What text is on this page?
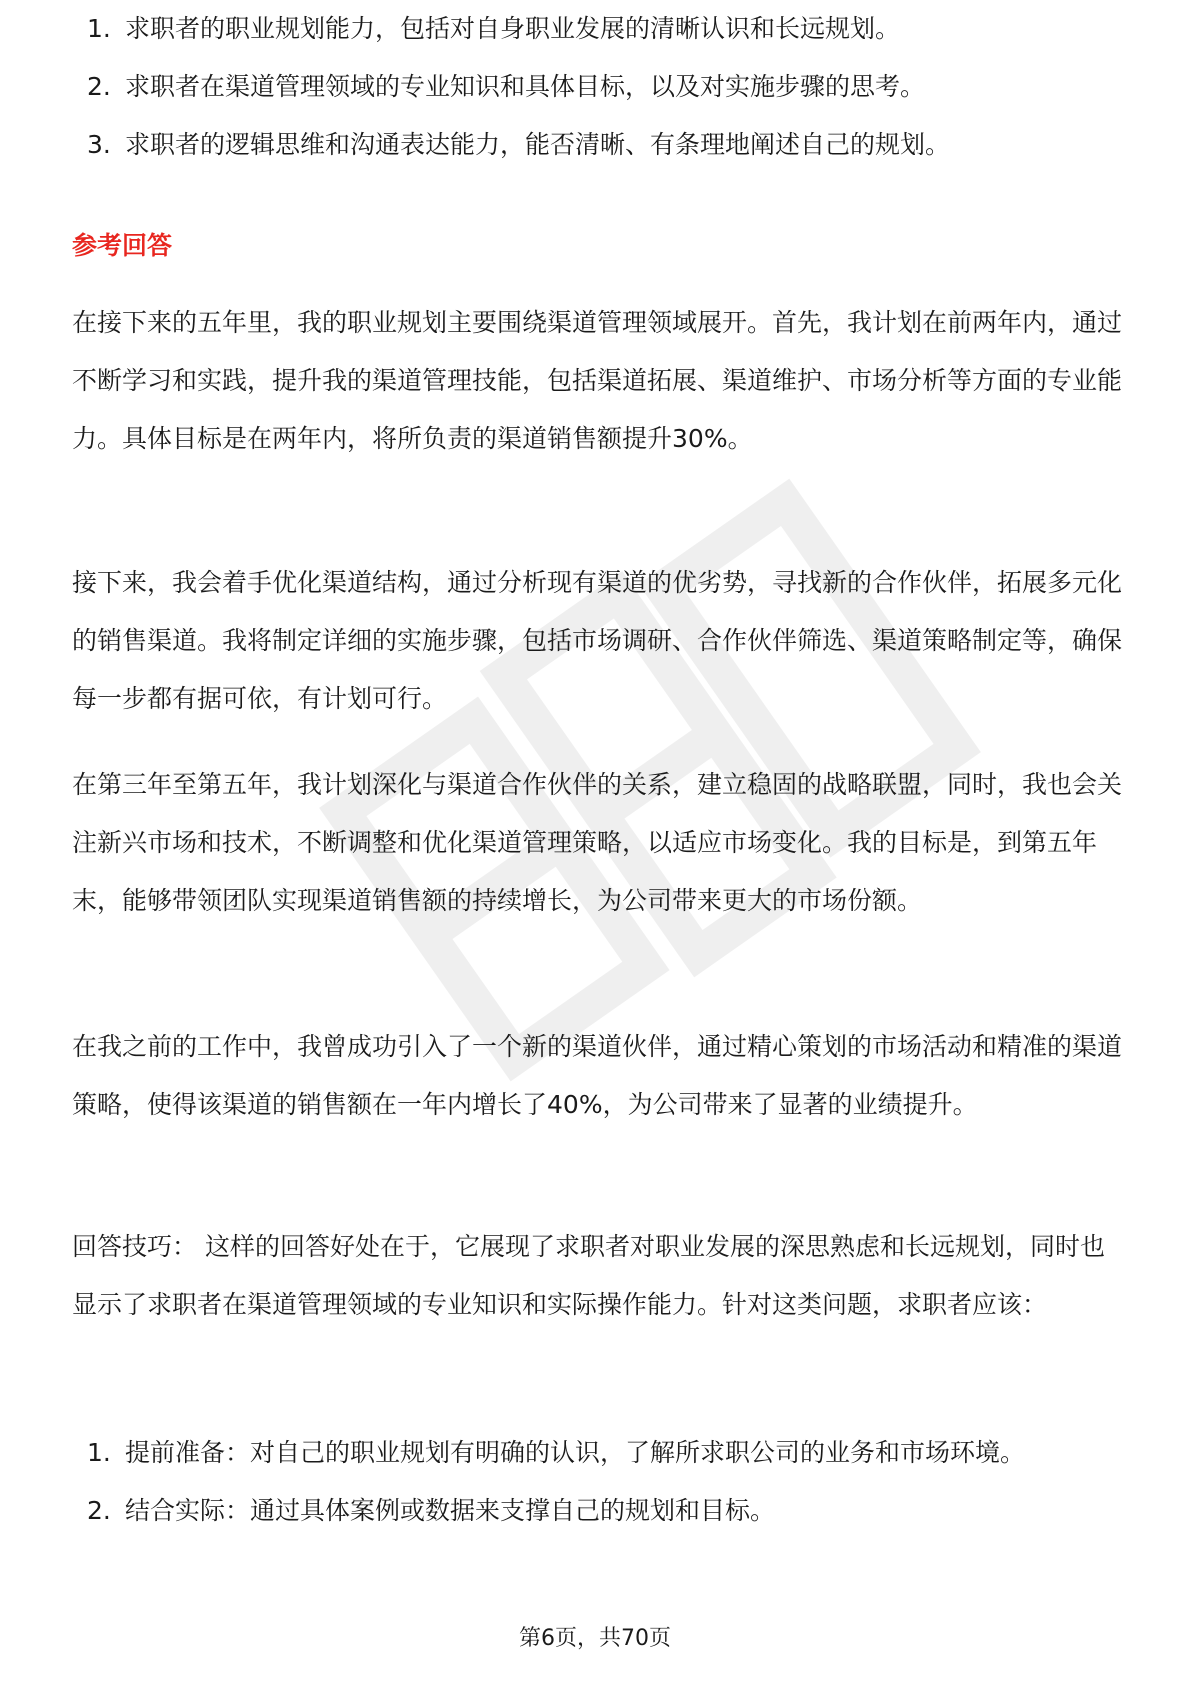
1. 求职者的职业规划能力，包括对自身职业发展的清晰认识和长远规划。
2. 求职者在渠道管理领域的专业知识和具体目标，以及对实施步骤的思考。
3. 求职者的逻辑思维和沟通表达能力，能否清晰、有条理地阐述自己的规划。
参考回答

在接下来的五年里，我的职业规划主要围绕渠道管理领域展开。首先，我计划在前两年内，通过不断学习和实践，提升我的渠道管理技能，包括渠道拓展、渠道维护、市场分析等方面的专业能力。具体目标是在两年内，将所负责的渠道销售额提升30%。

接下来，我会着手优化渠道结构，通过分析现有渠道的优劣势，寻找新的合作伙伴，拓展多元化的销售渠道。我将制定详细的实施步骤，包括市场调研、合作伙伴筛选、渠道策略制定等，确保每一步都有据可依，有计划可行。

在第三年至第五年，我计划深化与渠道合作伙伴的关系，建立稳固的战略联盟，同时，我也会关注新兴市场和技术，不断调整和优化渠道管理策略，以适应市场变化。我的目标是，到第五年末，能够带领团队实现渠道销售额的持续增长，为公司带来更大的市场份额。

在我之前的工作中，我曾成功引入了一个新的渠道伙伴，通过精心策划的市场活动和精准的渠道策略，使得该渠道的销售额在一年内增长了40%，为公司带来了显著的业绩提升。

回答技巧： 这样的回答好处在于，它展现了求职者对职业发展的深思熟虑和长远规划，同时也显示了求职者在渠道管理领域的专业知识和实际操作能力。针对这类问题，求职者应该：

1. 提前准备：对自己的职业规划有明确的认识，了解所求职公司的业务和市场环境。
2. 结合实际：通过具体案例或数据来支撑自己的规划和目标。
第6页，共70页
